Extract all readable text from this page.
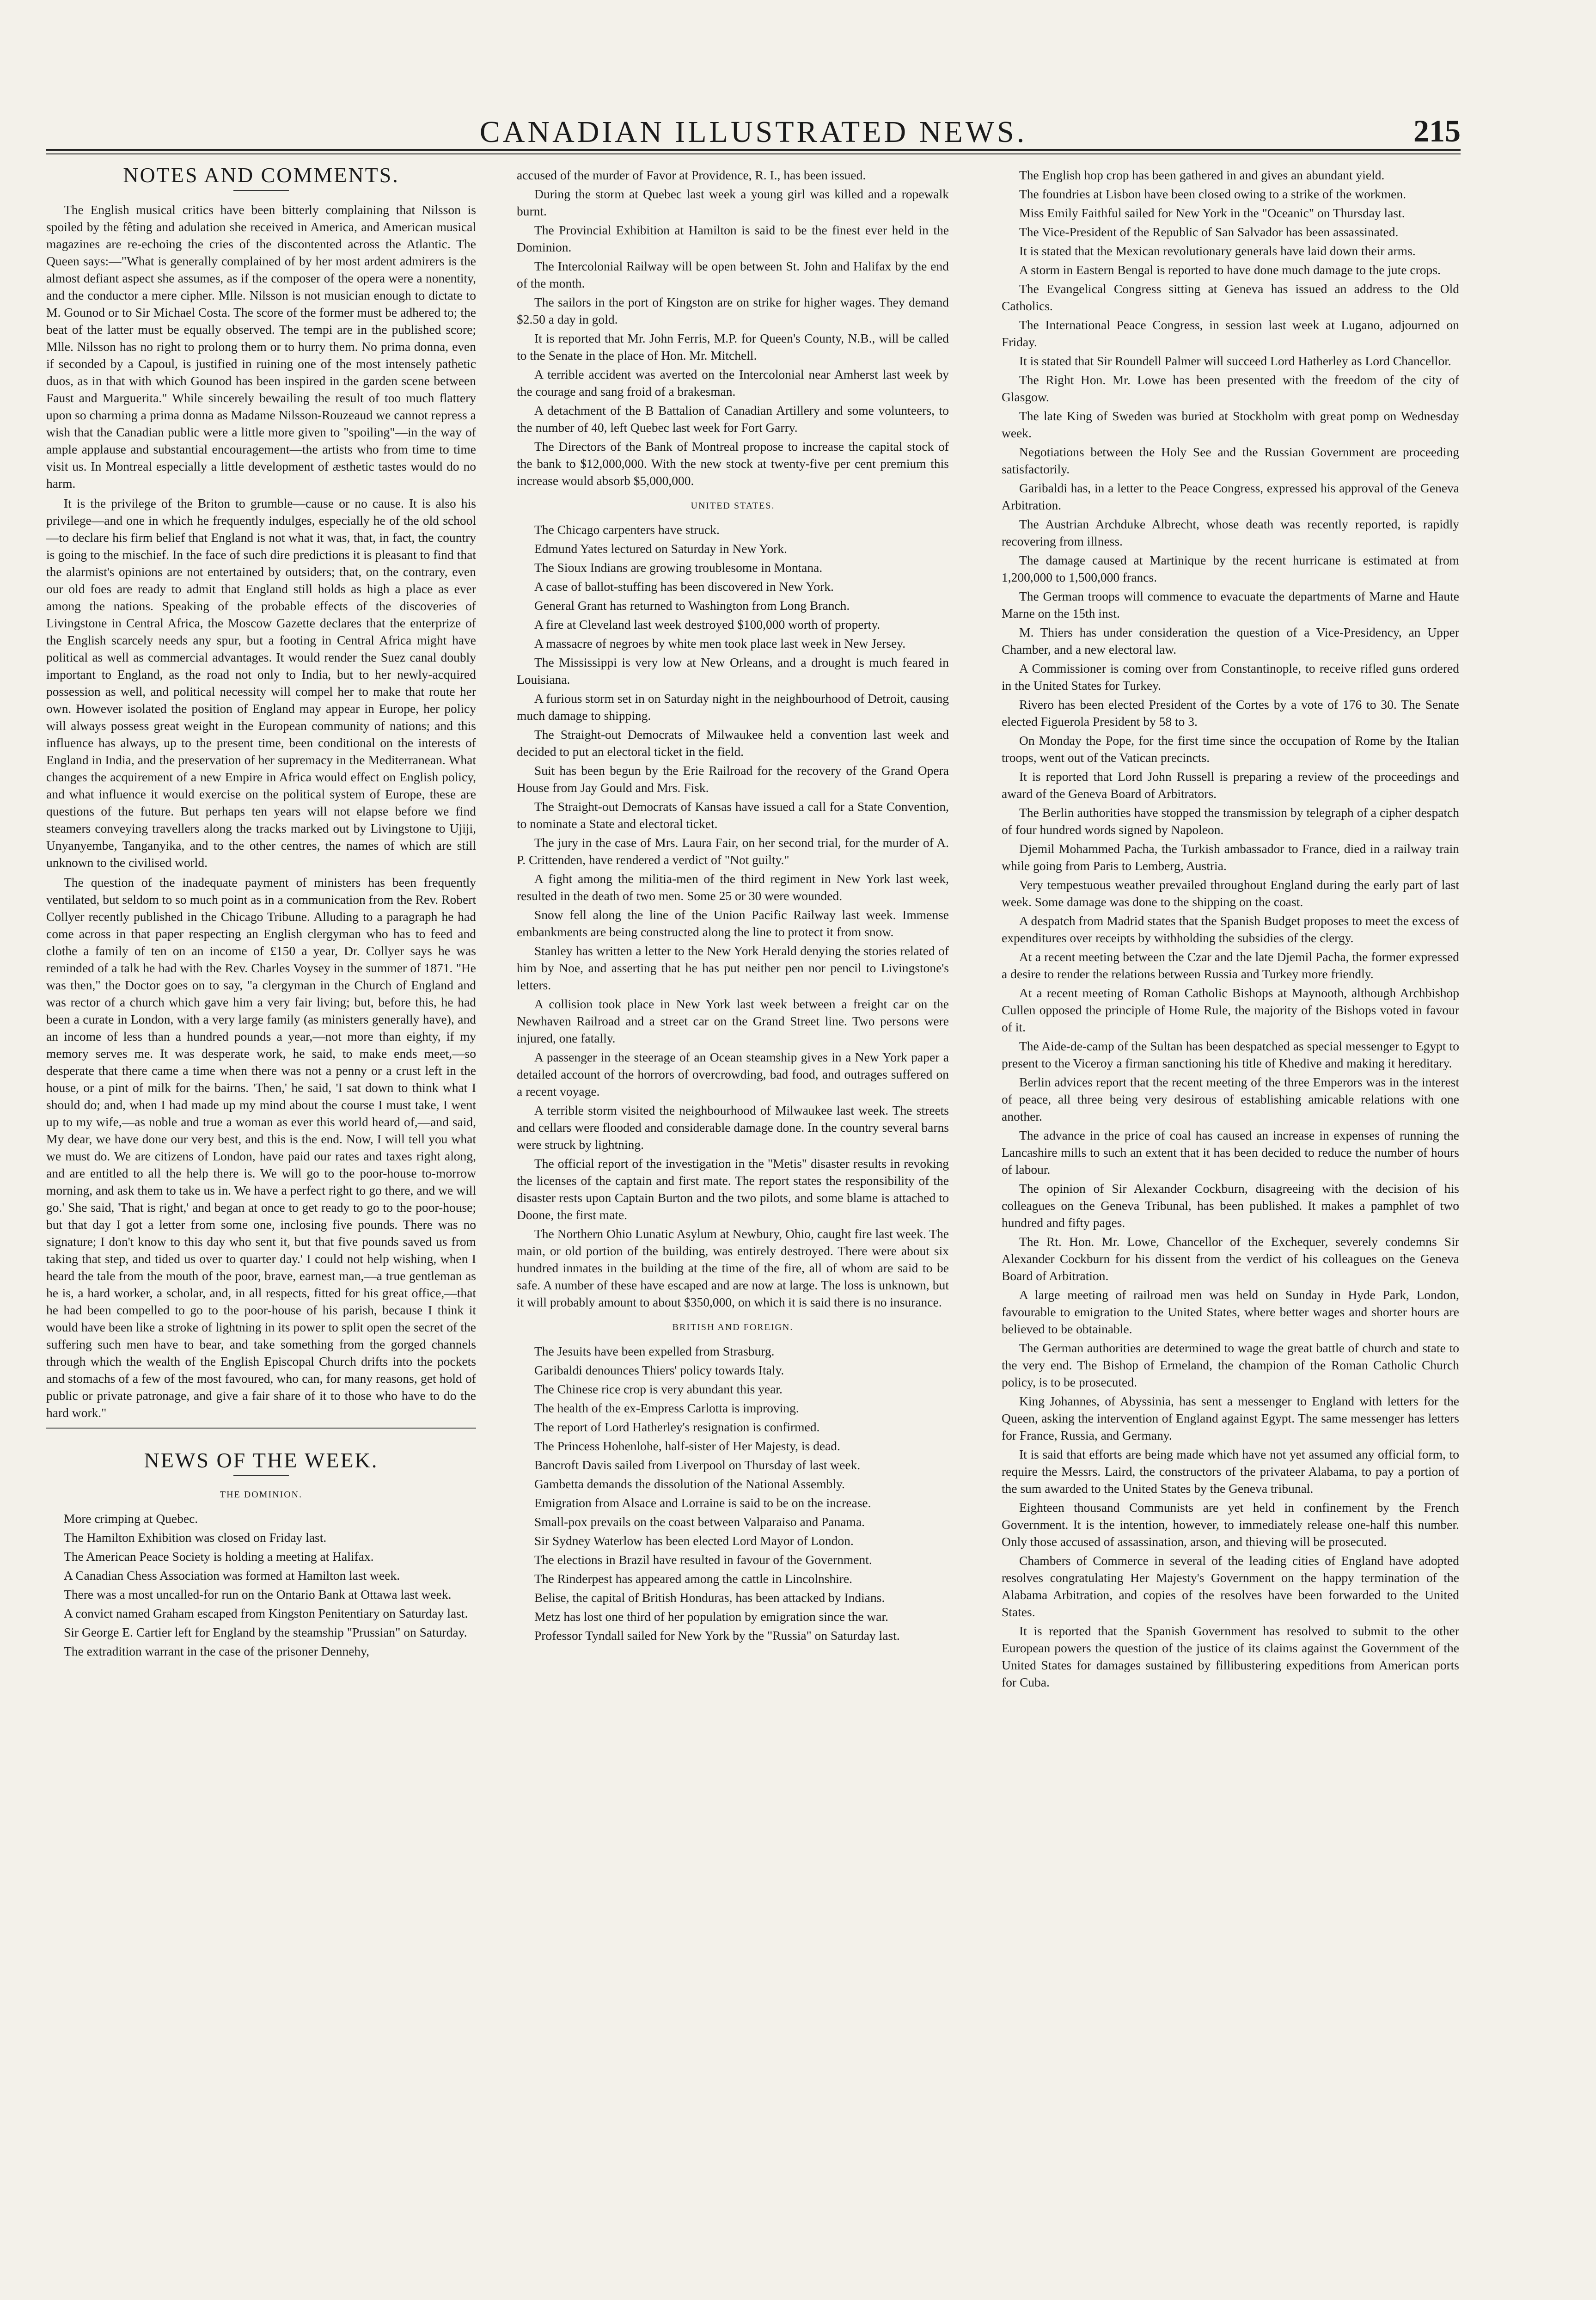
CANADIAN ILLUSTRATED NEWS.	215
NOTES AND COMMENTS.

The English musical critics have been bitterly complaining that Nilsson is spoiled by the fêting and adulation she received in America, and American musical magazines are re-echoing the cries of the discontented across the Atlantic. The Queen says:—"What is generally complained of by her most ardent admirers is the almost defiant aspect she assumes, as if the composer of the opera were a nonentity, and the conductor a mere cipher. Mlle. Nilsson is not musician enough to dictate to M. Gounod or to Sir Michael Costa. The score of the former must be adhered to; the beat of the latter must be equally observed. The tempi are in the published score; Mlle. Nilsson has no right to prolong them or to hurry them. No prima donna, even if seconded by a Capoul, is justified in ruining one of the most intensely pathetic duos, as in that with which Gounod has been inspired in the garden scene between Faust and Marguerita." While sincerely bewailing the result of too much flattery upon so charming a prima donna as Madame Nilsson-Rouzeaud we cannot repress a wish that the Canadian public were a little more given to "spoiling"—in the way of ample applause and substantial encouragement—the artists who from time to time visit us. In Montreal especially a little development of æsthetic tastes would do no harm.

It is the privilege of the Briton to grumble—cause or no cause. It is also his privilege—and one in which he frequently indulges, especially he of the old school—to declare his firm belief that England is not what it was, that, in fact, the country is going to the mischief. In the face of such dire predictions it is pleasant to find that the alarmist's opinions are not entertained by outsiders; that, on the contrary, even our old foes are ready to admit that England still holds as high a place as ever among the nations. Speaking of the probable effects of the discoveries of Livingstone in Central Africa, the Moscow Gazette declares that the enterprize of the English scarcely needs any spur, but a footing in Central Africa might have political as well as commercial advantages. It would render the Suez canal doubly important to England, as the road not only to India, but to her newly-acquired possession as well, and political necessity will compel her to make that route her own. However isolated the position of England may appear in Europe, her policy will always possess great weight in the European community of nations; and this influence has always, up to the present time, been conditional on the interests of England in India, and the preservation of her supremacy in the Mediterranean. What changes the acquirement of a new Empire in Africa would effect on English policy, and what influence it would exercise on the political system of Europe, these are questions of the future. But perhaps ten years will not elapse before we find steamers conveying travellers along the tracks marked out by Livingstone to Ujiji, Unyanyembe, Tanganyika, and to the other centres, the names of which are still unknown to the civilised world.

The question of the inadequate payment of ministers has been frequently ventilated, but seldom to so much point as in a communication from the Rev. Robert Collyer recently published in the Chicago Tribune. Alluding to a paragraph he had come across in that paper respecting an English clergyman who has to feed and clothe a family of ten on an income of £150 a year, Dr. Collyer says he was reminded of a talk he had with the Rev. Charles Voysey in the summer of 1871. "He was then," the Doctor goes on to say, "a clergyman in the Church of England and was rector of a church which gave him a very fair living; but, before this, he had been a curate in London, with a very large family (as ministers generally have), and an income of less than a hundred pounds a year,—not more than eighty, if my memory serves me. It was desperate work, he said, to make ends meet,—so desperate that there came a time when there was not a penny or a crust left in the house, or a pint of milk for the bairns. 'Then,' he said, 'I sat down to think what I should do; and, when I had made up my mind about the course I must take, I went up to my wife,—as noble and true a woman as ever this world heard of,—and said, My dear, we have done our very best, and this is the end. Now, I will tell you what we must do. We are citizens of London, have paid our rates and taxes right along, and are entitled to all the help there is. We will go to the poor-house to-morrow morning, and ask them to take us in. We have a perfect right to go there, and we will go.' She said, 'That is right,' and began at once to get ready to go to the poor-house; but that day I got a letter from some one, inclosing five pounds. There was no signature; I don't know to this day who sent it, but that five pounds saved us from taking that step, and tided us over to quarter day.' I could not help wishing, when I heard the tale from the mouth of the poor, brave, earnest man,—a true gentleman as he is, a hard worker, a scholar, and, in all respects, fitted for his great office,—that he had been compelled to go to the poor-house of his parish, because I think it would have been like a stroke of lightning in its power to split open the secret of the suffering such men have to bear, and take something from the gorged channels through which the wealth of the English Episcopal Church drifts into the pockets and stomachs of a few of the most favoured, who can, for many reasons, get hold of public or private patronage, and give a fair share of it to those who have to do the hard work."

NEWS OF THE WEEK.
THE DOMINION.

More crimping at Quebec.

The Hamilton Exhibition was closed on Friday last.

The American Peace Society is holding a meeting at Halifax.

A Canadian Chess Association was formed at Hamilton last week.

There was a most uncalled-for run on the Ontario Bank at Ottawa last week.

A convict named Graham escaped from Kingston Penitentiary on Saturday last.

Sir George E. Cartier left for England by the steamship "Prussian" on Saturday.

The extradition warrant in the case of the prisoner Dennehy,

accused of the murder of Favor at Providence, R. I., has been issued.

During the storm at Quebec last week a young girl was killed and a ropewalk burnt.

The Provincial Exhibition at Hamilton is said to be the finest ever held in the Dominion.

The Intercolonial Railway will be open between St. John and Halifax by the end of the month.

The sailors in the port of Kingston are on strike for higher wages. They demand $2.50 a day in gold.

It is reported that Mr. John Ferris, M.P. for Queen's County, N.B., will be called to the Senate in the place of Hon. Mr. Mitchell.

A terrible accident was averted on the Intercolonial near Amherst last week by the courage and sang froid of a brakesman.

A detachment of the B Battalion of Canadian Artillery and some volunteers, to the number of 40, left Quebec last week for Fort Garry.

The Directors of the Bank of Montreal propose to increase the capital stock of the bank to $12,000,000. With the new stock at twenty-five per cent premium this increase would absorb $5,000,000.

UNITED STATES.

The Chicago carpenters have struck.

Edmund Yates lectured on Saturday in New York.

The Sioux Indians are growing troublesome in Montana.

A case of ballot-stuffing has been discovered in New York.

General Grant has returned to Washington from Long Branch.

A fire at Cleveland last week destroyed $100,000 worth of property.

A massacre of negroes by white men took place last week in New Jersey.

The Mississippi is very low at New Orleans, and a drought is much feared in Louisiana.

A furious storm set in on Saturday night in the neighbourhood of Detroit, causing much damage to shipping.

The Straight-out Democrats of Milwaukee held a convention last week and decided to put an electoral ticket in the field.

Suit has been begun by the Erie Railroad for the recovery of the Grand Opera House from Jay Gould and Mrs. Fisk.

The Straight-out Democrats of Kansas have issued a call for a State Convention, to nominate a State and electoral ticket.

The jury in the case of Mrs. Laura Fair, on her second trial, for the murder of A. P. Crittenden, have rendered a verdict of "Not guilty."

A fight among the militia-men of the third regiment in New York last week, resulted in the death of two men. Some 25 or 30 were wounded.

Snow fell along the line of the Union Pacific Railway last week. Immense embankments are being constructed along the line to protect it from snow.

Stanley has written a letter to the New York Herald denying the stories related of him by Noe, and asserting that he has put neither pen nor pencil to Livingstone's letters.

A collision took place in New York last week between a freight car on the Newhaven Railroad and a street car on the Grand Street line. Two persons were injured, one fatally.

A passenger in the steerage of an Ocean steamship gives in a New York paper a detailed account of the horrors of overcrowding, bad food, and outrages suffered on a recent voyage.

A terrible storm visited the neighbourhood of Milwaukee last week. The streets and cellars were flooded and considerable damage done. In the country several barns were struck by lightning.

The official report of the investigation in the "Metis" disaster results in revoking the licenses of the captain and first mate. The report states the responsibility of the disaster rests upon Captain Burton and the two pilots, and some blame is attached to Doone, the first mate.

The Northern Ohio Lunatic Asylum at Newbury, Ohio, caught fire last week. The main, or old portion of the building, was entirely destroyed. There were about six hundred inmates in the building at the time of the fire, all of whom are said to be safe. A number of these have escaped and are now at large. The loss is unknown, but it will probably amount to about $350,000, on which it is said there is no insurance.

BRITISH AND FOREIGN.

The Jesuits have been expelled from Strasburg.

Garibaldi denounces Thiers' policy towards Italy.

The Chinese rice crop is very abundant this year.

The health of the ex-Empress Carlotta is improving.

The report of Lord Hatherley's resignation is confirmed.

The Princess Hohenlohe, half-sister of Her Majesty, is dead.

Bancroft Davis sailed from Liverpool on Thursday of last week.

Gambetta demands the dissolution of the National Assembly.

Emigration from Alsace and Lorraine is said to be on the increase.

Small-pox prevails on the coast between Valparaiso and Panama.

Sir Sydney Waterlow has been elected Lord Mayor of London.

The elections in Brazil have resulted in favour of the Government.

The Rinderpest has appeared among the cattle in Lincolnshire.

Belise, the capital of British Honduras, has been attacked by Indians.

Metz has lost one third of her population by emigration since the war.

Professor Tyndall sailed for New York by the "Russia" on Saturday last.

The English hop crop has been gathered in and gives an abundant yield.

The foundries at Lisbon have been closed owing to a strike of the workmen.

Miss Emily Faithful sailed for New York in the "Oceanic" on Thursday last.

The Vice-President of the Republic of San Salvador has been assassinated.

It is stated that the Mexican revolutionary generals have laid down their arms.

A storm in Eastern Bengal is reported to have done much damage to the jute crops.

The Evangelical Congress sitting at Geneva has issued an address to the Old Catholics.

The International Peace Congress, in session last week at Lugano, adjourned on Friday.

It is stated that Sir Roundell Palmer will succeed Lord Hatherley as Lord Chancellor.

The Right Hon. Mr. Lowe has been presented with the freedom of the city of Glasgow.

The late King of Sweden was buried at Stockholm with great pomp on Wednesday week.

Negotiations between the Holy See and the Russian Government are proceeding satisfactorily.

Garibaldi has, in a letter to the Peace Congress, expressed his approval of the Geneva Arbitration.

The Austrian Archduke Albrecht, whose death was recently reported, is rapidly recovering from illness.

The damage caused at Martinique by the recent hurricane is estimated at from 1,200,000 to 1,500,000 francs.

The German troops will commence to evacuate the departments of Marne and Haute Marne on the 15th inst.

M. Thiers has under consideration the question of a Vice-Presidency, an Upper Chamber, and a new electoral law.

A Commissioner is coming over from Constantinople, to receive rifled guns ordered in the United States for Turkey.

Rivero has been elected President of the Cortes by a vote of 176 to 30. The Senate elected Figuerola President by 58 to 3.

On Monday the Pope, for the first time since the occupation of Rome by the Italian troops, went out of the Vatican precincts.

It is reported that Lord John Russell is preparing a review of the proceedings and award of the Geneva Board of Arbitrators.

The Berlin authorities have stopped the transmission by telegraph of a cipher despatch of four hundred words signed by Napoleon.

Djemil Mohammed Pacha, the Turkish ambassador to France, died in a railway train while going from Paris to Lemberg, Austria.

Very tempestuous weather prevailed throughout England during the early part of last week. Some damage was done to the shipping on the coast.

A despatch from Madrid states that the Spanish Budget proposes to meet the excess of expenditures over receipts by withholding the subsidies of the clergy.

At a recent meeting between the Czar and the late Djemil Pacha, the former expressed a desire to render the relations between Russia and Turkey more friendly.

At a recent meeting of Roman Catholic Bishops at Maynooth, although Archbishop Cullen opposed the principle of Home Rule, the majority of the Bishops voted in favour of it.

The Aide-de-camp of the Sultan has been despatched as special messenger to Egypt to present to the Viceroy a firman sanctioning his title of Khedive and making it hereditary.

Berlin advices report that the recent meeting of the three Emperors was in the interest of peace, all three being very desirous of establishing amicable relations with one another.

The advance in the price of coal has caused an increase in expenses of running the Lancashire mills to such an extent that it has been decided to reduce the number of hours of labour.

The opinion of Sir Alexander Cockburn, disagreeing with the decision of his colleagues on the Geneva Tribunal, has been published. It makes a pamphlet of two hundred and fifty pages.

The Rt. Hon. Mr. Lowe, Chancellor of the Exchequer, severely condemns Sir Alexander Cockburn for his dissent from the verdict of his colleagues on the Geneva Board of Arbitration.

A large meeting of railroad men was held on Sunday in Hyde Park, London, favourable to emigration to the United States, where better wages and shorter hours are believed to be obtainable.

The German authorities are determined to wage the great battle of church and state to the very end. The Bishop of Ermeland, the champion of the Roman Catholic Church policy, is to be prosecuted.

King Johannes, of Abyssinia, has sent a messenger to England with letters for the Queen, asking the intervention of England against Egypt. The same messenger has letters for France, Russia, and Germany.

It is said that efforts are being made which have not yet assumed any official form, to require the Messrs. Laird, the constructors of the privateer Alabama, to pay a portion of the sum awarded to the United States by the Geneva tribunal.

Eighteen thousand Communists are yet held in confinement by the French Government. It is the intention, however, to immediately release one-half this number. Only those accused of assassination, arson, and thieving will be prosecuted.

Chambers of Commerce in several of the leading cities of England have adopted resolves congratulating Her Majesty's Government on the happy termination of the Alabama Arbitration, and copies of the resolves have been forwarded to the United States.

It is reported that the Spanish Government has resolved to submit to the other European powers the question of the justice of its claims against the Government of the United States for damages sustained by fillibustering expeditions from American ports for Cuba.
